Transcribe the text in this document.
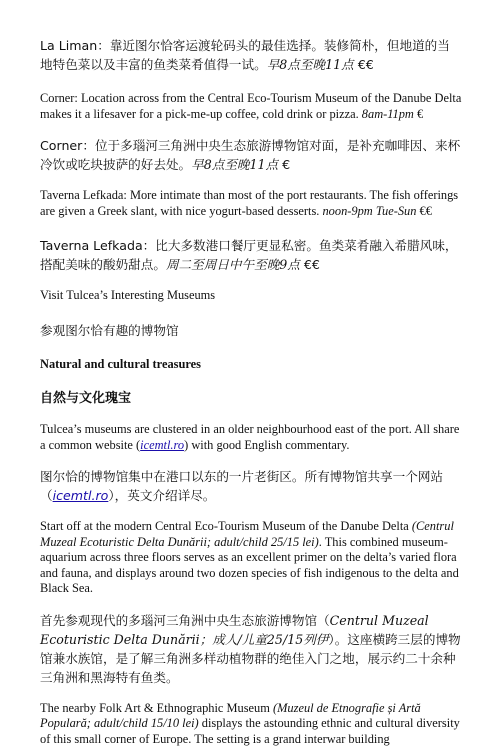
La Liman：靠近图尔恰客运渡轮码头的最佳选择。装修简朴，但地道的当地特色菜以及丰富的鱼类菜肴值得一试。早8点至晚11点 €€

Corner: Location across from the Central Eco-Tourism Museum of the Danube Delta makes it a lifesaver for a pick-me-up coffee, cold drink or pizza. 8am-11pm €

Corner：位于多瑙河三角洲中央生态旅游博物馆对面，是补充咖啡因、来杯冷饮或吃块披萨的好去处。早8点至晚11点 €

Taverna Lefkada: More intimate than most of the port restaurants. The fish offerings are given a Greek slant, with nice yogurt-based desserts. noon-9pm Tue-Sun €€

Taverna Lefkada：比大多数港口餐厅更显私密。鱼类菜肴融入希腊风味，搭配美味的酸奶甜点。周二至周日中午至晚9点 €€

Visit Tulcea’s Interesting Museums

参观图尔恰有趣的博物馆

Natural and cultural treasures

自然与文化瑰宝

Tulcea’s museums are clustered in an older neighbourhood east of the port. All share a common website (icemtl.ro) with good English commentary.

图尔恰的博物馆集中在港口以东的一片老街区。所有博物馆共享一个网站（icemtl.ro），英文介绍详尽。

Start off at the modern Central Eco-Tourism Museum of the Danube Delta (Centrul Muzeal Ecoturistic Delta Dunării; adult/child 25/15 lei). This combined museum-aquarium across three floors serves as an excellent primer on the delta’s varied flora and fauna, and displays around two dozen species of fish indigenous to the delta and Black Sea.

首先参观现代的多瑙河三角洲中央生态旅游博物馆（Centrul Muzeal Ecoturistic Delta Dunării；成人/儿童25/15列伊）。这座横跨三层的博物馆兼水族馆，是了解三角洲多样动植物群的绝佳入门之地，展示约二十余种三角洲和黑海特有鱼类。

The nearby Folk Art & Ethnographic Museum (Muzeul de Etnografie și Artă Populară; adult/child 15/10 lei) displays the astounding ethnic and cultural diversity of this small corner of Europe. The setting is a grand interwar building
